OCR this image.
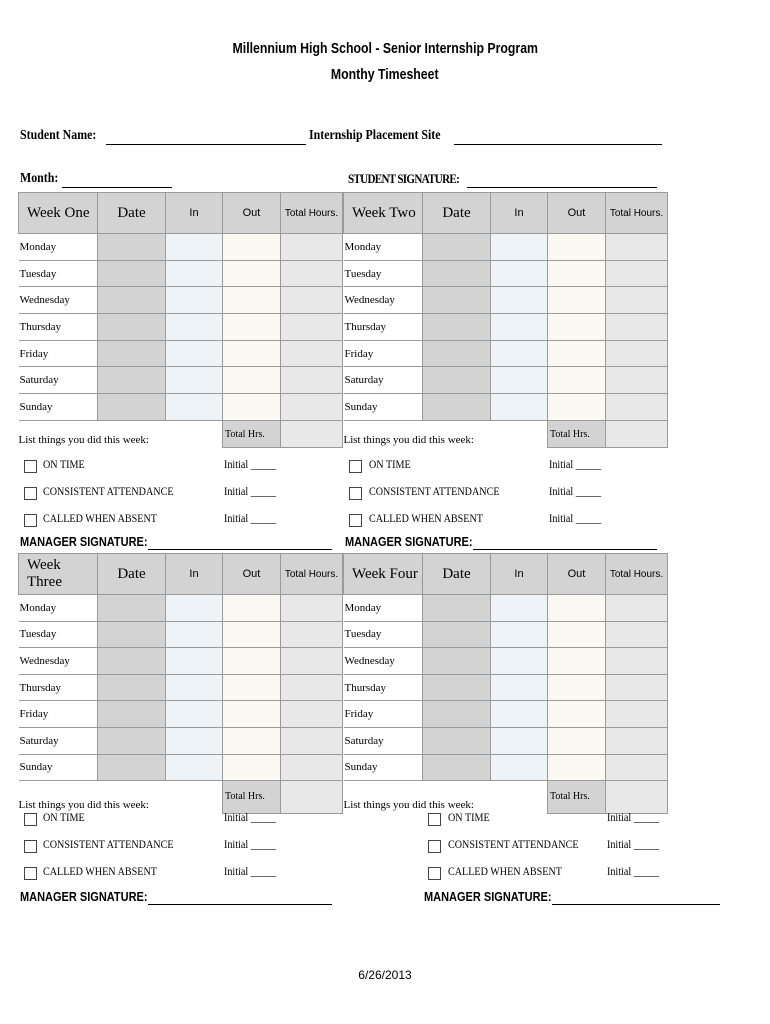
Millennium High School - Senior Internship Program
Monthy Timesheet
Student Name:	Internship Placement Site
Month:	STUDENT SIGNATURE:
Week One	Date	In	Out	Total Hours.
Monday				
Tuesday				
Wednesday				
Thursday				
Friday				
Saturday				
Sunday				
List things you did this week:			Total Hrs.	
Week Two	Date	In	Out	Total Hours.
Monday				
Tuesday				
Wednesday				
Thursday				
Friday				
Saturday				
Sunday				
List things you did this week:			Total Hrs.	
Week Three	Date	In	Out	Total Hours.
Monday				
Tuesday				
Wednesday				
Thursday				
Friday				
Saturday				
Sunday				
List things you did this week:			Total Hrs.	
Week Four	Date	In	Out	Total Hours.
Monday				
Tuesday				
Wednesday				
Thursday				
Friday				
Saturday				
Sunday				
List things you did this week:			Total Hrs.	
ON TIME	Initial _____
CONSISTENT ATTENDANCE	Initial _____
CALLED WHEN ABSENT	Initial _____
MANAGER SIGNATURE:
ON TIME	Initial _____
CONSISTENT ATTENDANCE	Initial _____
CALLED WHEN ABSENT	Initial _____
MANAGER SIGNATURE:
ON TIME	Initial _____
CONSISTENT ATTENDANCE	Initial _____
CALLED WHEN ABSENT	Initial _____
MANAGER SIGNATURE:
ON TIME	Initial _____
CONSISTENT ATTENDANCE	Initial _____
CALLED WHEN ABSENT	Initial _____
MANAGER SIGNATURE:
6/26/2013
